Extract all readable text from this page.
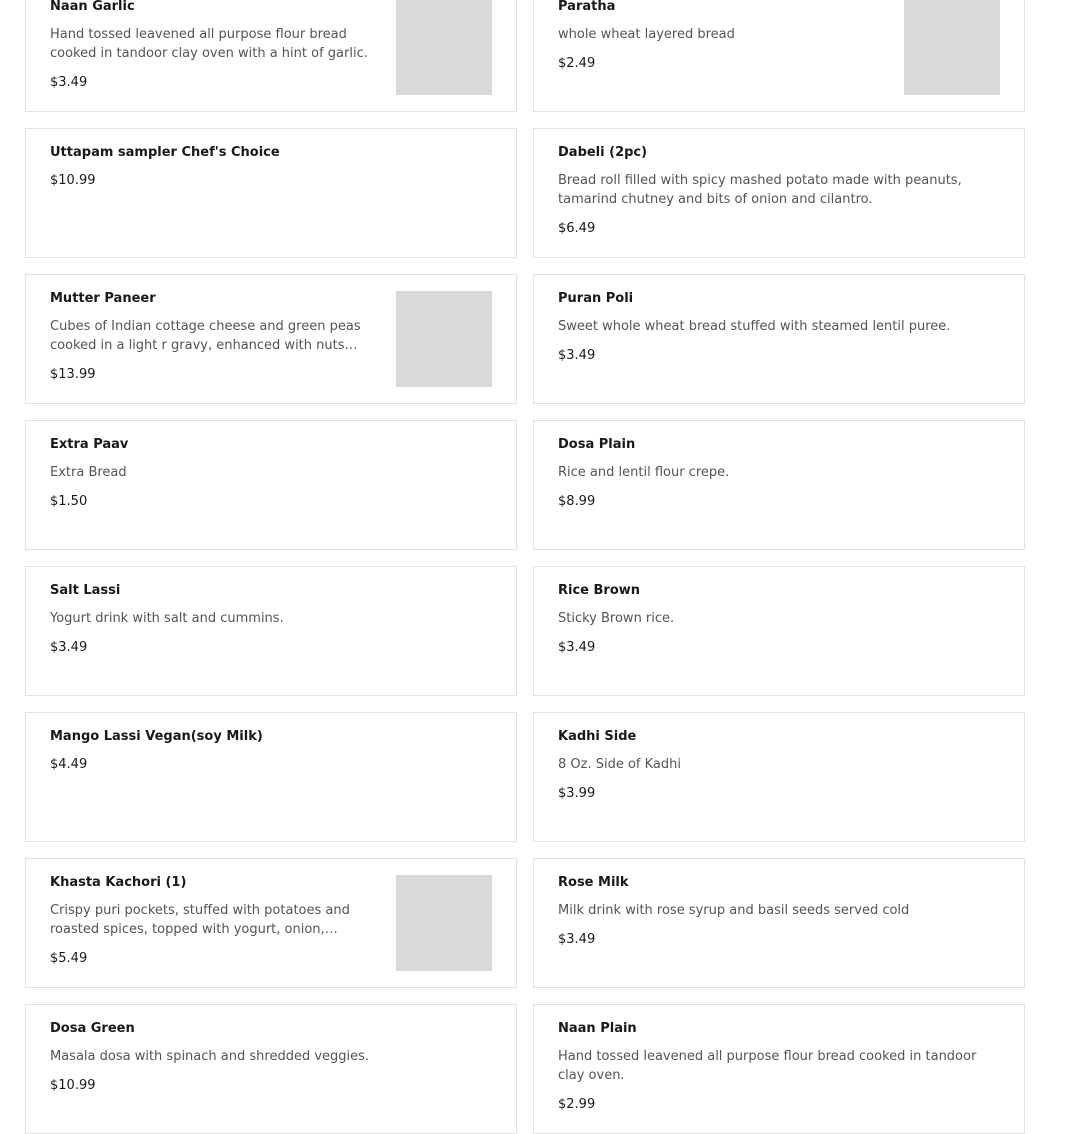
Naan Garlic
Hand tossed leavened all purpose flour bread cooked in tandoor clay oven with a hint of garlic.
$3.49
Paratha
whole wheat layered bread
$2.49
Uttapam sampler Chef's Choice
$10.99
Dabeli (2pc)
Bread roll filled with spicy mashed potato made with peanuts, tamarind chutney and bits of onion and cilantro.
$6.49
Mutter Paneer
Cubes of Indian cottage cheese and green peas cooked in a light r gravy, enhanced with nuts
$13.99
Puran Poli
Sweet whole wheat bread stuffed with steamed lentil puree.
$3.49
Extra Paav
Extra Bread
$1.50
Dosa Plain
Rice and lentil flour crepe.
$8.99
Salt Lassi
Yogurt drink with salt and cummins.
$3.49
Rice Brown
Sticky Brown rice.
$3.49
Mango Lassi Vegan(soy Milk)
$4.49
Kadhi Side
8 Oz. Side of Kadhi
$3.99
Khasta Kachori (1)
Crispy puri pockets, stuffed with potatoes and roasted spices, topped with yogurt, onion,
$5.49
Rose Milk
Milk drink with rose syrup and basil seeds served cold
$3.49
Dosa Green
Masala dosa with spinach and shredded veggies.
$10.99
Naan Plain
Hand tossed leavened all purpose flour bread cooked in tandoor clay oven.
$2.99
